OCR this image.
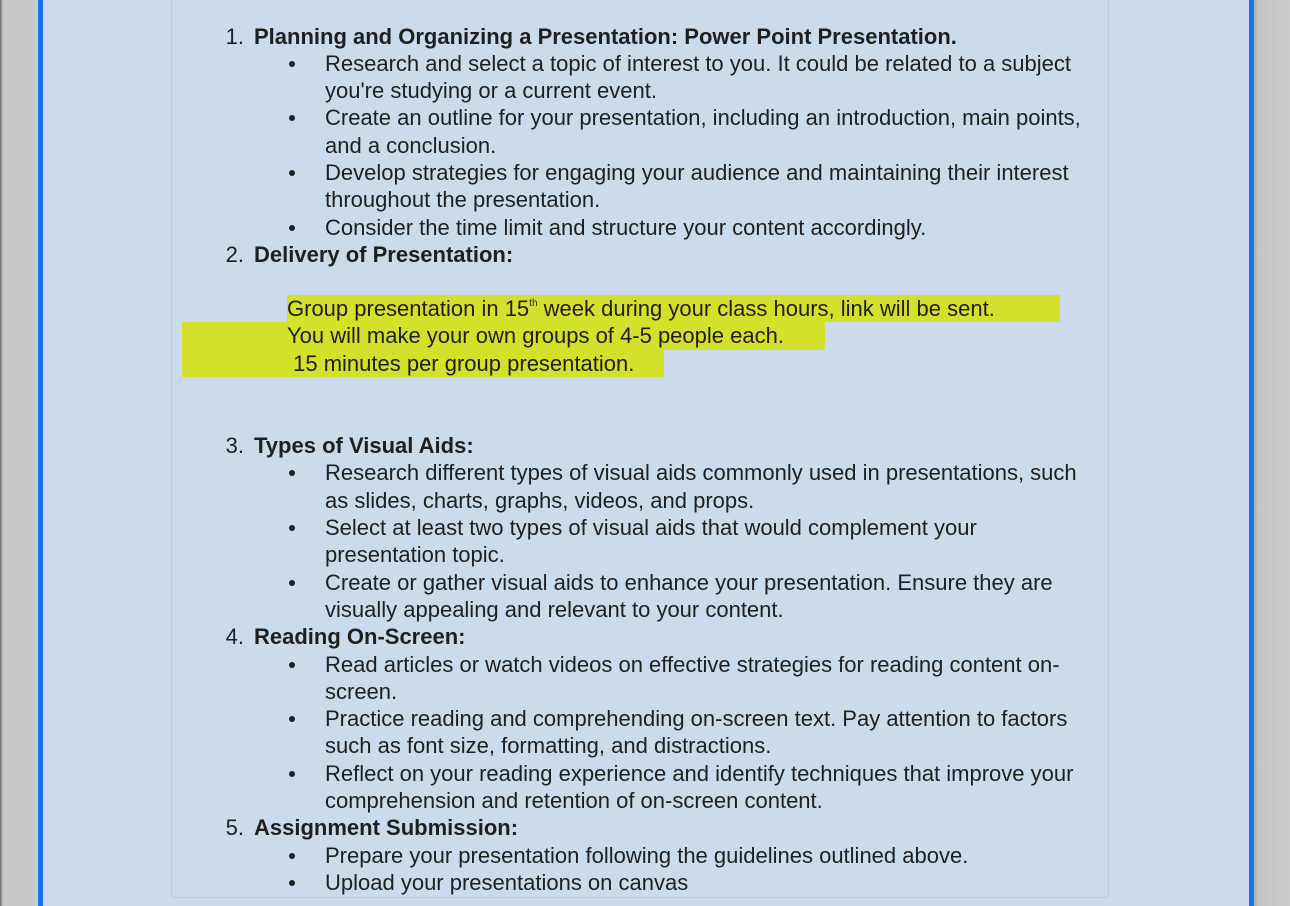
1. Planning and Organizing a Presentation: Power Point Presentation.
Research and select a topic of interest to you. It could be related to a subject you're studying or a current event.
Create an outline for your presentation, including an introduction, main points, and a conclusion.
Develop strategies for engaging your audience and maintaining their interest throughout the presentation.
Consider the time limit and structure your content accordingly.
2. Delivery of Presentation:
Group presentation in 15th week during your class hours, link will be sent.
You will make your own groups of 4-5 people each.
15 minutes per group presentation.
3. Types of Visual Aids:
Research different types of visual aids commonly used in presentations, such as slides, charts, graphs, videos, and props.
Select at least two types of visual aids that would complement your presentation topic.
Create or gather visual aids to enhance your presentation. Ensure they are visually appealing and relevant to your content.
4. Reading On-Screen:
Read articles or watch videos on effective strategies for reading content on-screen.
Practice reading and comprehending on-screen text. Pay attention to factors such as font size, formatting, and distractions.
Reflect on your reading experience and identify techniques that improve your comprehension and retention of on-screen content.
5. Assignment Submission:
Prepare your presentation following the guidelines outlined above.
Upload your presentations on canvas
